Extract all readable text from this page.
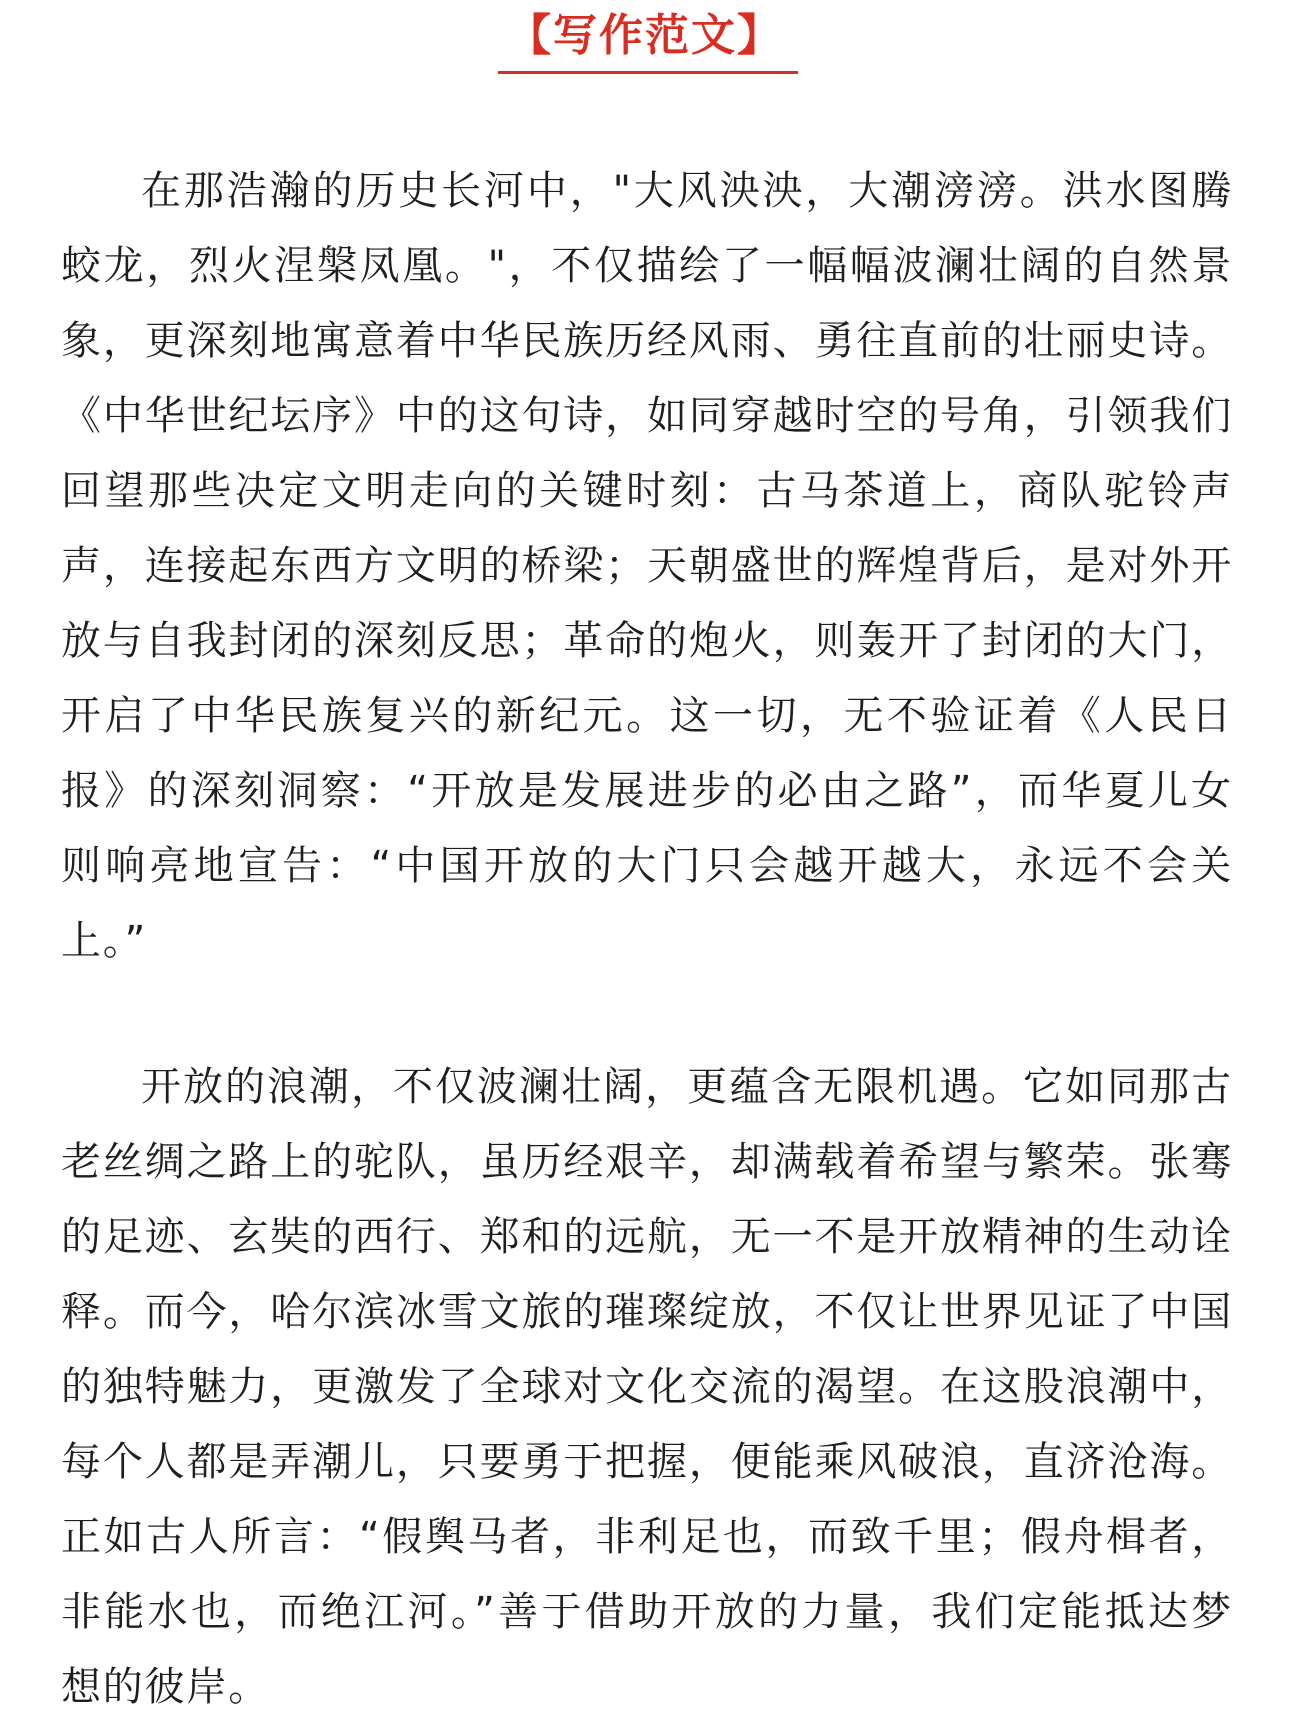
【写作范文】

在那浩瀚的历史长河中，"大风泱泱，大潮滂滂。洪水图腾蛟龙，烈火涅槃凤凰。"，不仅描绘了一幅幅波澜壮阔的自然景象，更深刻地寓意着中华民族历经风雨、勇往直前的壮丽史诗。《中华世纪坛序》中的这句诗，如同穿越时空的号角，引领我们回望那些决定文明走向的关键时刻：古马茶道上，商队驼铃声声，连接起东西方文明的桥梁；天朝盛世的辉煌背后，是对外开放与自我封闭的深刻反思；革命的炮火，则轰开了封闭的大门，开启了中华民族复兴的新纪元。这一切，无不验证着《人民日报》的深刻洞察：“开放是发展进步的必由之路”，而华夏儿女则响亮地宣告：“中国开放的大门只会越开越大，永远不会关上。”

开放的浪潮，不仅波澜壮阔，更蕴含无限机遇。它如同那古老丝绸之路上的驼队，虽历经艰辛，却满载着希望与繁荣。张骞的足迹、玄奘的西行、郑和的远航，无一不是开放精神的生动诠释。而今，哈尔滨冰雪文旅的璀璨绽放，不仅让世界见证了中国的独特魅力，更激发了全球对文化交流的渴望。在这股浪潮中，每个人都是弄潮儿，只要勇于把握，便能乘风破浪，直济沧海。正如古人所言：“假舆马者，非利足也，而致千里；假舟楫者，非能水也，而绝江河。”善于借助开放的力量，我们定能抵达梦想的彼岸。
